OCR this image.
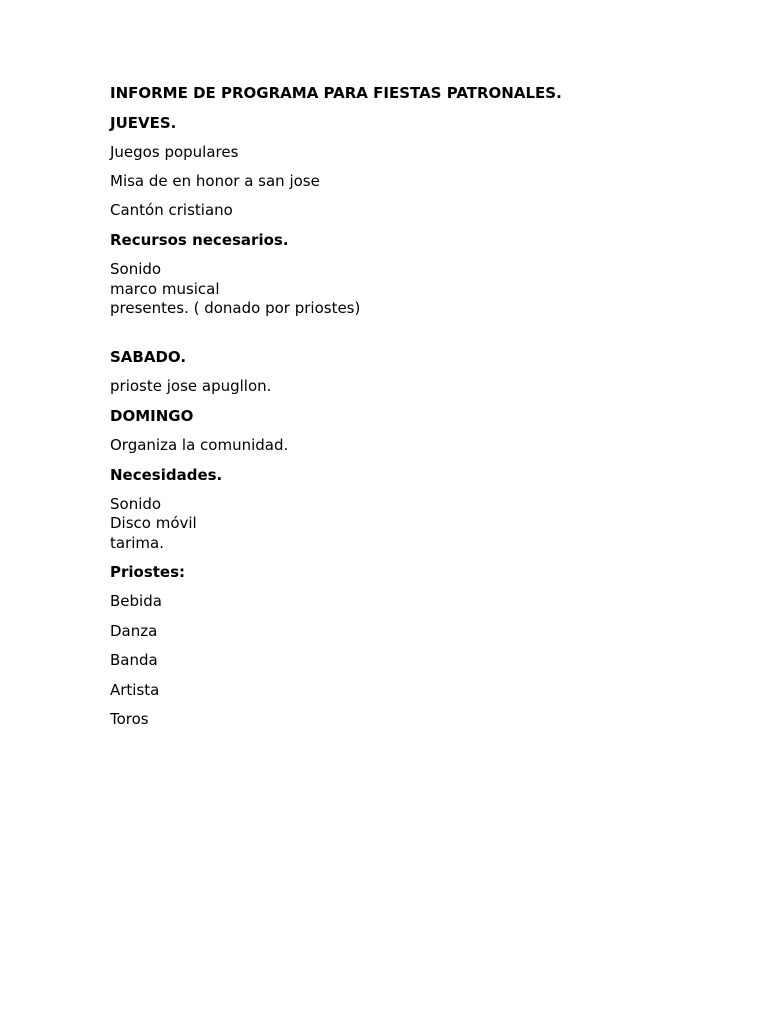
INFORME DE PROGRAMA PARA FIESTAS PATRONALES.
JUEVES.
Juegos populares
Misa de en honor a san jose
Cantón cristiano
Recursos necesarios.
Sonido
marco musical
presentes. ( donado por priostes)
SABADO.
prioste jose apugllon.
DOMINGO
Organiza la comunidad.
Necesidades.
Sonido
Disco móvil
tarima.
Priostes:
Bebida
Danza
Banda
Artista
Toros
